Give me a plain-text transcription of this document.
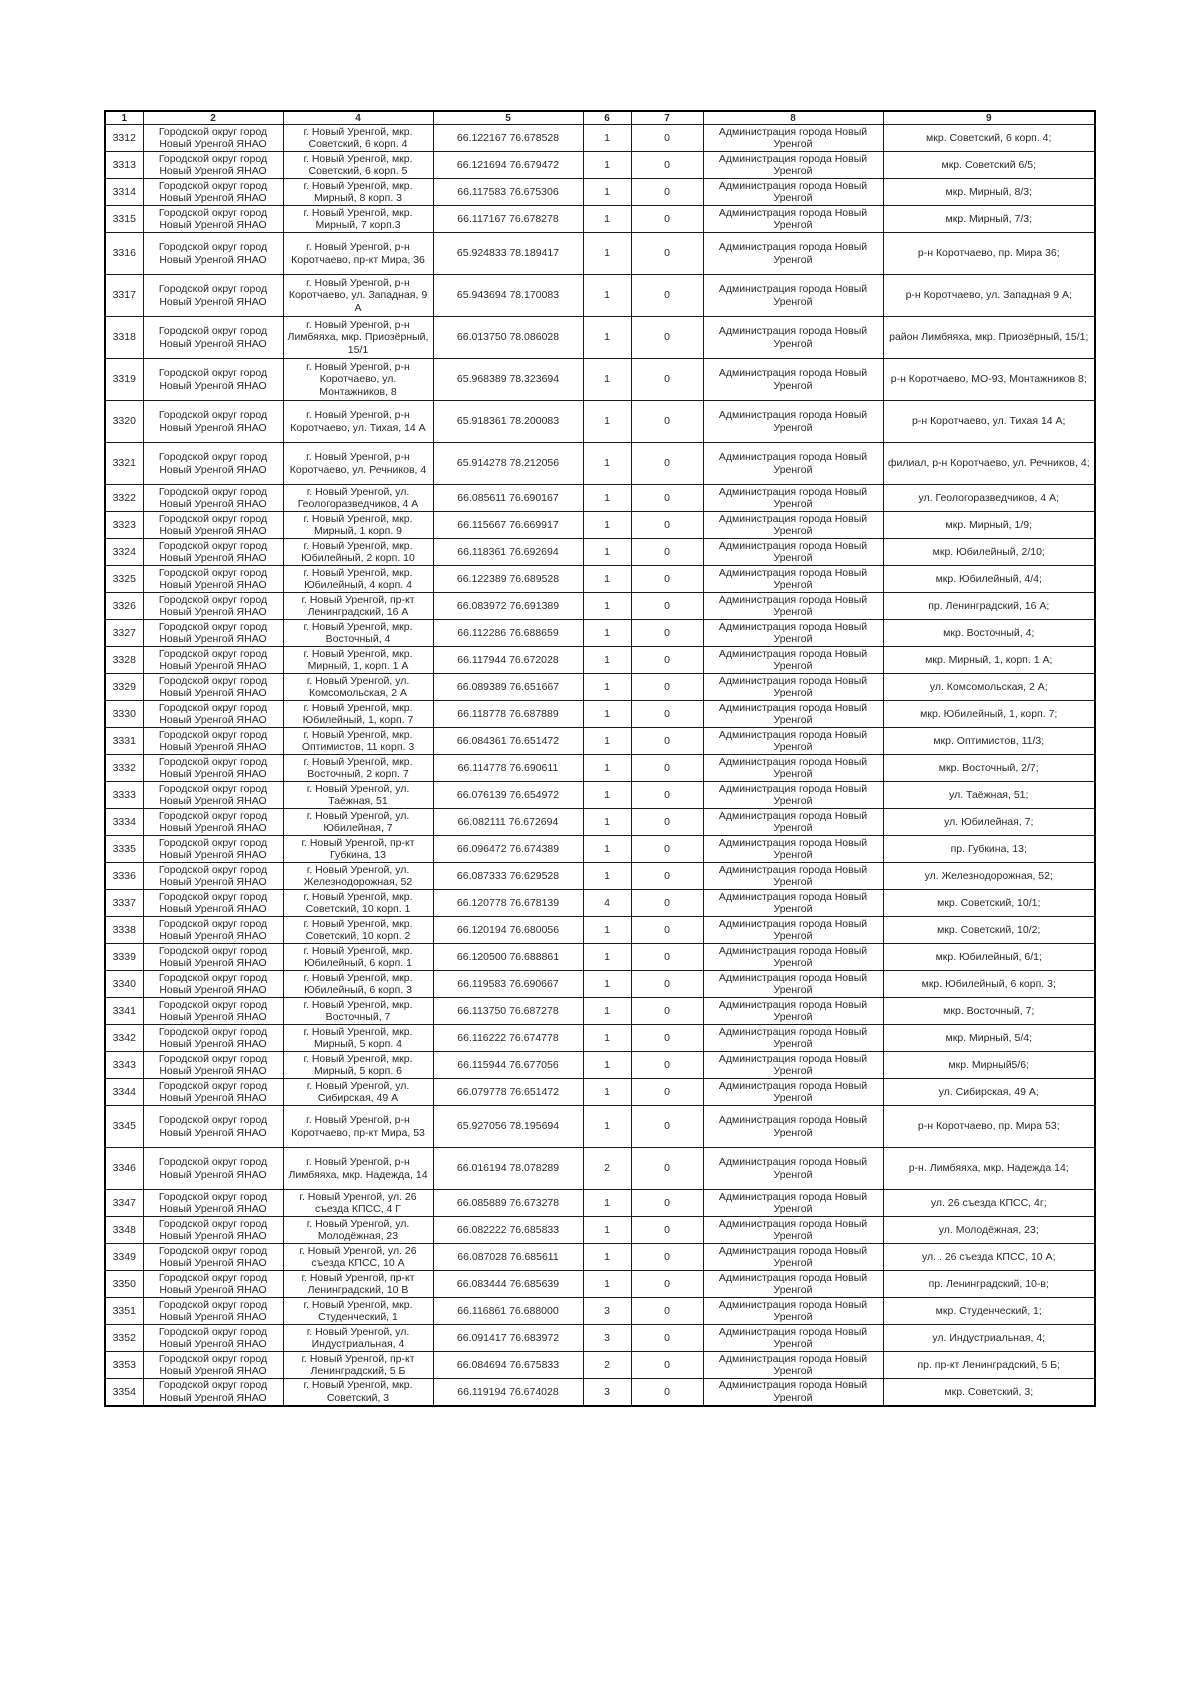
1	2	4	5	6	7	8	9
3312	Городской округ город Новый Уренгой ЯНАО	г. Новый Уренгой, мкр. Советский, 6 корп. 4	66.122167 76.678528	1	0	Администрация города Новый Уренгой	мкр. Советский, 6 корп. 4;
3313	Городской округ город Новый Уренгой ЯНАО	г. Новый Уренгой, мкр. Советский, 6 корп. 5	66.121694 76.679472	1	0	Администрация города Новый Уренгой	мкр. Советский 6/5;
3314	Городской округ город Новый Уренгой ЯНАО	г. Новый Уренгой, мкр. Мирный, 8 корп. 3	66.117583 76.675306	1	0	Администрация города Новый Уренгой	мкр. Мирный, 8/3;
3315	Городской округ город Новый Уренгой ЯНАО	г. Новый Уренгой, мкр. Мирный, 7 корп.3	66.117167 76.678278	1	0	Администрация города Новый Уренгой	мкр. Мирный, 7/3;
3316	Городской округ город Новый Уренгой ЯНАО	г. Новый Уренгой, р-н Коротчаево, пр-кт Мира, 36	65.924833 78.189417	1	0	Администрация города Новый Уренгой	р-н Коротчаево, пр. Мира 36;
3317	Городской округ город Новый Уренгой ЯНАО	г. Новый Уренгой, р-н Коротчаево, ул. Западная, 9 А	65.943694 78.170083	1	0	Администрация города Новый Уренгой	р-н Коротчаево, ул. Западная 9 А;
3318	Городской округ город Новый Уренгой ЯНАО	г. Новый Уренгой, р-н Лимбяяха, мкр. Приозёрный, 15/1	66.013750 78.086028	1	0	Администрация города Новый Уренгой	район Лимбяяха, мкр. Приозёрный, 15/1;
3319	Городской округ город Новый Уренгой ЯНАО	г. Новый Уренгой, р-н Коротчаево, ул. Монтажников, 8	65.968389 78.323694	1	0	Администрация города Новый Уренгой	р-н Коротчаево, МО-93, Монтажников 8;
3320	Городской округ город Новый Уренгой ЯНАО	г. Новый Уренгой, р-н Коротчаево, ул. Тихая, 14 А	65.918361 78.200083	1	0	Администрация города Новый Уренгой	р-н Коротчаево, ул. Тихая 14 А;
3321	Городской округ город Новый Уренгой ЯНАО	г. Новый Уренгой, р-н Коротчаево, ул. Речников, 4	65.914278 78.212056	1	0	Администрация города Новый Уренгой	филиал, р-н Коротчаево, ул. Речников, 4;
3322	Городской округ город Новый Уренгой ЯНАО	г. Новый Уренгой, ул. Геологоразведчиков, 4 А	66.085611 76.690167	1	0	Администрация города Новый Уренгой	ул. Геологоразведчиков, 4 А;
3323	Городской округ город Новый Уренгой ЯНАО	г. Новый Уренгой, мкр. Мирный, 1 корп. 9	66.115667 76.669917	1	0	Администрация города Новый Уренгой	мкр. Мирный, 1/9;
3324	Городской округ город Новый Уренгой ЯНАО	г. Новый Уренгой, мкр. Юбилейный, 2 корп. 10	66.118361 76.692694	1	0	Администрация города Новый Уренгой	мкр. Юбилейный, 2/10;
3325	Городской округ город Новый Уренгой ЯНАО	г. Новый Уренгой, мкр. Юбилейный, 4 корп. 4	66.122389 76.689528	1	0	Администрация города Новый Уренгой	мкр. Юбилейный, 4/4;
3326	Городской округ город Новый Уренгой ЯНАО	г. Новый Уренгой, пр-кт Ленинградский, 16 А	66.083972 76.691389	1	0	Администрация города Новый Уренгой	пр. Ленинградский, 16 А;
3327	Городской округ город Новый Уренгой ЯНАО	г. Новый Уренгой, мкр. Восточный, 4	66.112286 76.688659	1	0	Администрация города Новый Уренгой	мкр. Восточный, 4;
3328	Городской округ город Новый Уренгой ЯНАО	г. Новый Уренгой, мкр. Мирный, 1, корп. 1 А	66.117944 76.672028	1	0	Администрация города Новый Уренгой	мкр. Мирный, 1, корп. 1 А;
3329	Городской округ город Новый Уренгой ЯНАО	г. Новый Уренгой, ул. Комсомольская, 2 А	66.089389 76.651667	1	0	Администрация города Новый Уренгой	ул. Комсомольская, 2 А;
3330	Городской округ город Новый Уренгой ЯНАО	г. Новый Уренгой, мкр. Юбилейный, 1, корп. 7	66.118778 76.687889	1	0	Администрация города Новый Уренгой	мкр. Юбилейный, 1, корп. 7;
3331	Городской округ город Новый Уренгой ЯНАО	г. Новый Уренгой, мкр. Оптимистов, 11 корп. 3	66.084361 76.651472	1	0	Администрация города Новый Уренгой	мкр. Оптимистов, 11/3;
3332	Городской округ город Новый Уренгой ЯНАО	г. Новый Уренгой, мкр. Восточный, 2 корп. 7	66.114778 76.690611	1	0	Администрация города Новый Уренгой	мкр. Восточный, 2/7;
3333	Городской округ город Новый Уренгой ЯНАО	г. Новый Уренгой, ул. Таёжная, 51	66.076139 76.654972	1	0	Администрация города Новый Уренгой	ул. Таёжная, 51;
3334	Городской округ город Новый Уренгой ЯНАО	г. Новый Уренгой, ул. Юбилейная, 7	66.082111 76.672694	1	0	Администрация города Новый Уренгой	ул. Юбилейная, 7;
3335	Городской округ город Новый Уренгой ЯНАО	г. Новый Уренгой, пр-кт Губкина, 13	66.096472 76.674389	1	0	Администрация города Новый Уренгой	пр. Губкина, 13;
3336	Городской округ город Новый Уренгой ЯНАО	г. Новый Уренгой, ул. Железнодорожная, 52	66.087333 76.629528	1	0	Администрация города Новый Уренгой	ул. Железнодорожная, 52;
3337	Городской округ город Новый Уренгой ЯНАО	г. Новый Уренгой, мкр. Советский, 10 корп. 1	66.120778 76.678139	4	0	Администрация города Новый Уренгой	мкр. Советский, 10/1;
3338	Городской округ город Новый Уренгой ЯНАО	г. Новый Уренгой, мкр. Советский, 10 корп. 2	66.120194 76.680056	1	0	Администрация города Новый Уренгой	мкр. Советский, 10/2;
3339	Городской округ город Новый Уренгой ЯНАО	г. Новый Уренгой, мкр. Юбилейный, 6 корп. 1	66.120500 76.688861	1	0	Администрация города Новый Уренгой	мкр. Юбилейный, 6/1;
3340	Городской округ город Новый Уренгой ЯНАО	г. Новый Уренгой, мкр. Юбилейный, 6 корп. 3	66.119583 76.690667	1	0	Администрация города Новый Уренгой	мкр. Юбилейный, 6 корп. 3;
3341	Городской округ город Новый Уренгой ЯНАО	г. Новый Уренгой, мкр. Восточный, 7	66.113750 76.687278	1	0	Администрация города Новый Уренгой	мкр. Восточный, 7;
3342	Городской округ город Новый Уренгой ЯНАО	г. Новый Уренгой, мкр. Мирный, 5 корп. 4	66.116222 76.674778	1	0	Администрация города Новый Уренгой	мкр. Мирный, 5/4;
3343	Городской округ город Новый Уренгой ЯНАО	г. Новый Уренгой, мкр. Мирный, 5 корп. 6	66.115944 76.677056	1	0	Администрация города Новый Уренгой	мкр. Мирный5/6;
3344	Городской округ город Новый Уренгой ЯНАО	г. Новый Уренгой, ул. Сибирская, 49 А	66.079778 76.651472	1	0	Администрация города Новый Уренгой	ул. Сибирская, 49 А;
3345	Городской округ город Новый Уренгой ЯНАО	г. Новый Уренгой, р-н Коротчаево, пр-кт Мира, 53	65.927056 78.195694	1	0	Администрация города Новый Уренгой	р-н Коротчаево, пр. Мира 53;
3346	Городской округ город Новый Уренгой ЯНАО	г. Новый Уренгой, р-н Лимбяяха, мкр. Надежда, 14	66.016194 78.078289	2	0	Администрация города Новый Уренгой	р-н. Лимбяяха, мкр. Надежда 14;
3347	Городской округ город Новый Уренгой ЯНАО	г. Новый Уренгой, ул. 26 съезда КПСС, 4 Г	66.085889 76.673278	1	0	Администрация города Новый Уренгой	ул. 26 съезда КПСС, 4г;
3348	Городской округ город Новый Уренгой ЯНАО	г. Новый Уренгой, ул. Молодёжная, 23	66.082222 76.685833	1	0	Администрация города Новый Уренгой	ул. Молодёжная, 23;
3349	Городской округ город Новый Уренгой ЯНАО	г. Новый Уренгой, ул. 26 съезда КПСС, 10 А	66.087028 76.685611	1	0	Администрация города Новый Уренгой	ул. . 26 съезда КПСС, 10 А;
3350	Городской округ город Новый Уренгой ЯНАО	г. Новый Уренгой, пр-кт Ленинградский, 10 В	66.083444 76.685639	1	0	Администрация города Новый Уренгой	пр. Ленинградский, 10-в;
3351	Городской округ город Новый Уренгой ЯНАО	г. Новый Уренгой, мкр. Студенческий, 1	66.116861 76.688000	3	0	Администрация города Новый Уренгой	мкр. Студенческий, 1;
3352	Городской округ город Новый Уренгой ЯНАО	г. Новый Уренгой, ул. Индустриальная, 4	66.091417 76.683972	3	0	Администрация города Новый Уренгой	ул. Индустриальная, 4;
3353	Городской округ город Новый Уренгой ЯНАО	г. Новый Уренгой, пр-кт Ленинградский, 5 Б	66.084694 76.675833	2	0	Администрация города Новый Уренгой	пр. пр-кт Ленинградский, 5 Б;
3354	Городской округ город Новый Уренгой ЯНАО	г. Новый Уренгой, мкр. Советский, 3	66.119194 76.674028	3	0	Администрация города Новый Уренгой	мкр. Советский, 3;
